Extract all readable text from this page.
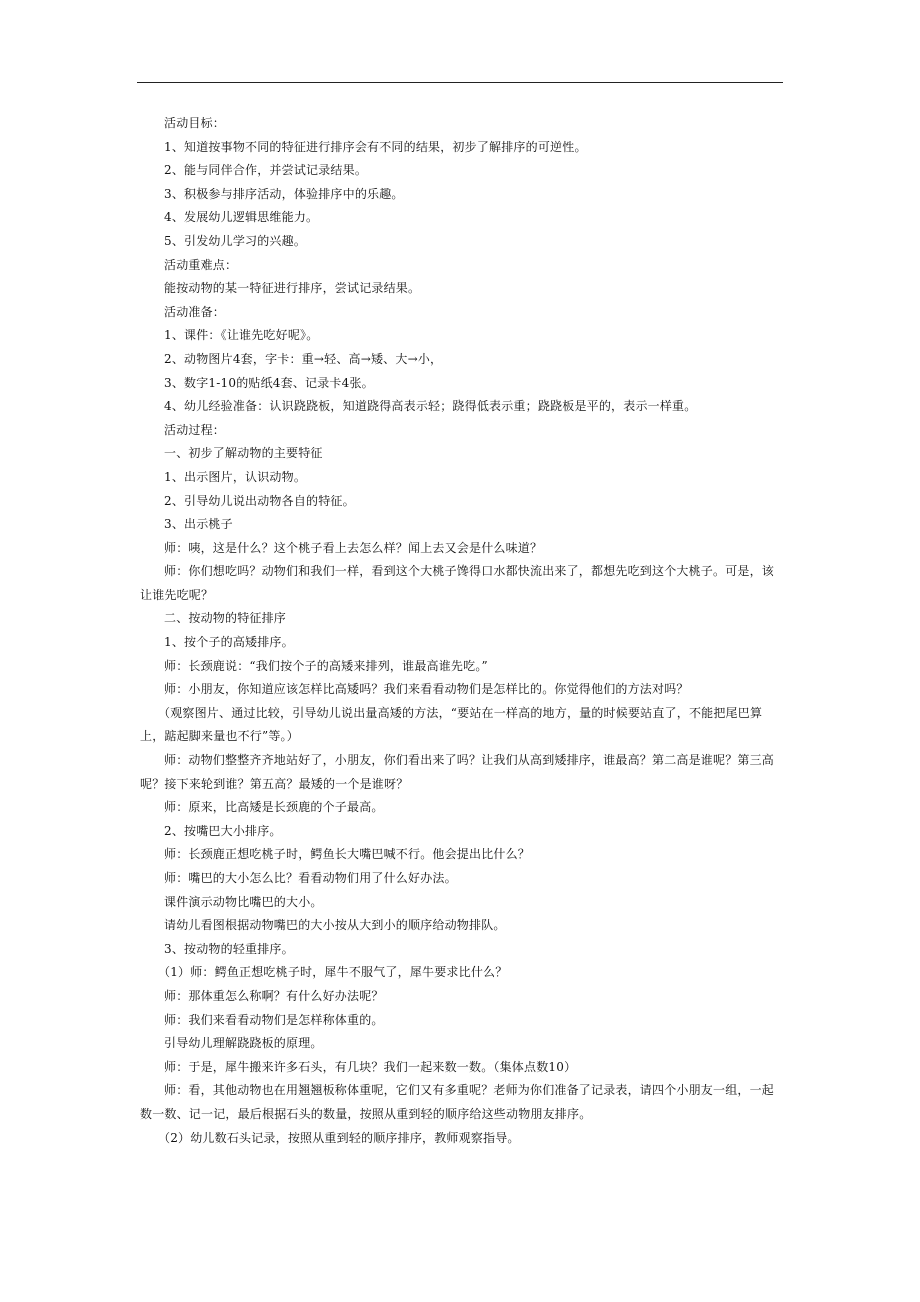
活动目标：

1、知道按事物不同的特征进行排序会有不同的结果，初步了解排序的可逆性。

2、能与同伴合作，并尝试记录结果。

3、积极参与排序活动，体验排序中的乐趣。

4、发展幼儿逻辑思维能力。

5、引发幼儿学习的兴趣。

活动重难点：

能按动物的某一特征进行排序，尝试记录结果。

活动准备：

1、课件：《让谁先吃好呢》。

2、动物图片4套，字卡：重→轻、高→矮、大→小，

3、数字1-10的贴纸4套、记录卡4张。

4、幼儿经验准备：认识跷跷板，知道跷得高表示轻；跷得低表示重；跷跷板是平的，表示一样重。

活动过程：

一、初步了解动物的主要特征

1、出示图片，认识动物。

2、引导幼儿说出动物各自的特征。

3、出示桃子

师：咦，这是什么？这个桃子看上去怎么样？闻上去又会是什么味道？

师：你们想吃吗？动物们和我们一样，看到这个大桃子馋得口水都快流出来了，都想先吃到这个大桃子。可是，该让谁先吃呢？

二、按动物的特征排序

1、按个子的高矮排序。

师：长颈鹿说：“我们按个子的高矮来排列，谁最高谁先吃。”

师：小朋友，你知道应该怎样比高矮吗？我们来看看动物们是怎样比的。你觉得他们的方法对吗？

（观察图片、通过比较，引导幼儿说出量高矮的方法，“要站在一样高的地方，量的时候要站直了，不能把尾巴算上，踮起脚来量也不行”等。）

师：动物们整整齐齐地站好了，小朋友，你们看出来了吗？让我们从高到矮排序，谁最高？第二高是谁呢？第三高呢？接下来轮到谁？第五高？最矮的一个是谁呀？

师：原来，比高矮是长颈鹿的个子最高。

2、按嘴巴大小排序。

师：长颈鹿正想吃桃子时，鳄鱼长大嘴巴喊不行。他会提出比什么？

师：嘴巴的大小怎么比？看看动物们用了什么好办法。

课件演示动物比嘴巴的大小。

请幼儿看图根据动物嘴巴的大小按从大到小的顺序给动物排队。

3、按动物的轻重排序。

（1）师：鳄鱼正想吃桃子时，犀牛不服气了，犀牛要求比什么？

师：那体重怎么称啊？有什么好办法呢？

师：我们来看看动物们是怎样称体重的。

引导幼儿理解跷跷板的原理。

师：于是，犀牛搬来许多石头，有几块？我们一起来数一数。（集体点数10）

师：看，其他动物也在用翘翘板称体重呢，它们又有多重呢？老师为你们准备了记录表，请四个小朋友一组，一起数一数、记一记，最后根据石头的数量，按照从重到轻的顺序给这些动物朋友排序。

（2）幼儿数石头记录，按照从重到轻的顺序排序，教师观察指导。
